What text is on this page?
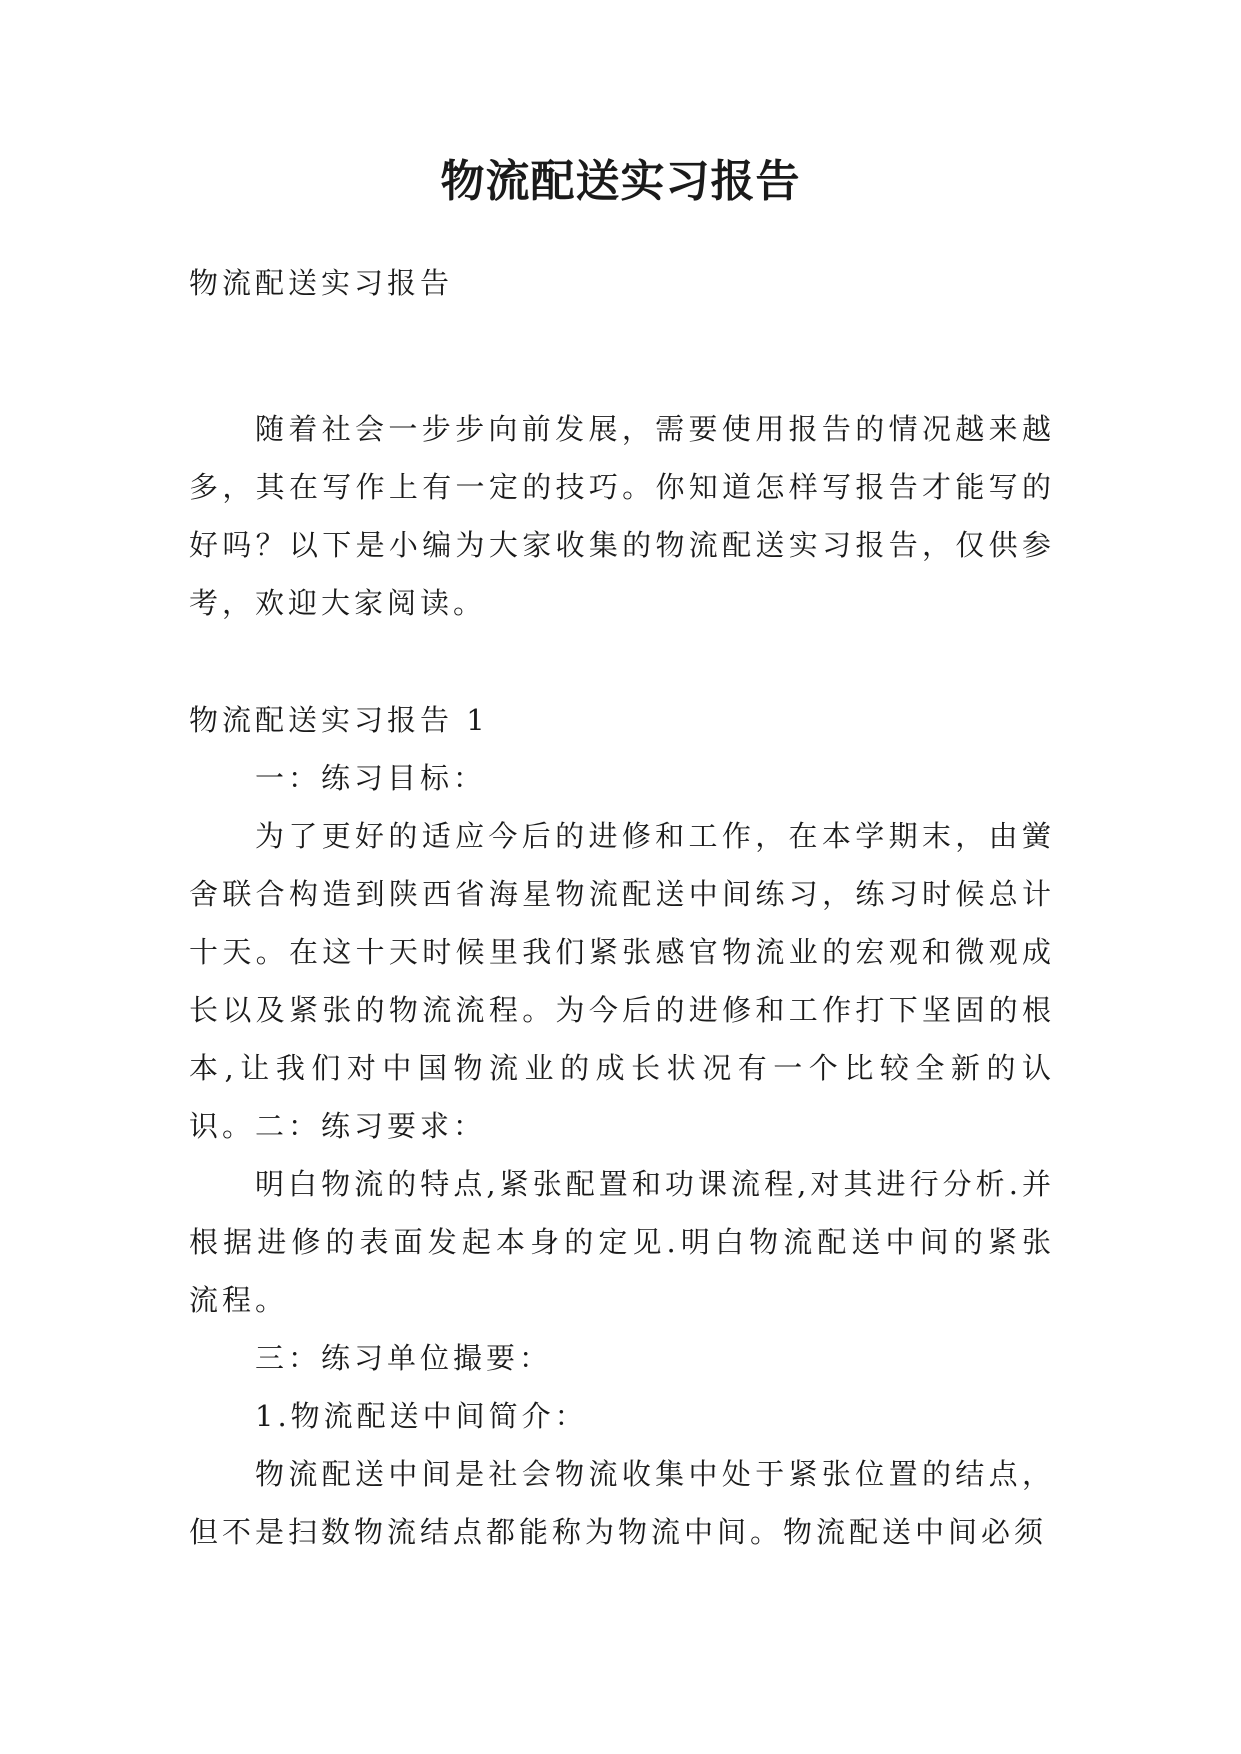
物流配送实习报告

物流配送实习报告

随着社会一步步向前发展，需要使用报告的情况越来越多，其在写作上有一定的技巧。你知道怎样写报告才能写的好吗？以下是小编为大家收集的物流配送实习报告，仅供参考，欢迎大家阅读。

物流配送实习报告 1

一：练习目标：

为了更好的适应今后的进修和工作，在本学期末，由黉舍联合构造到陕西省海星物流配送中间练习，练习时候总计十天。在这十天时候里我们紧张感官物流业的宏观和微观成长以及紧张的物流流程。为今后的进修和工作打下坚固的根本,让我们对中国物流业的成长状况有一个比较全新的认识。 二：练习要求：

明白物流的特点,紧张配置和功课流程,对其进行分析.并根据进修的表面发起本身的定见.明白物流配送中间的紧张流程。

三：练习单位撮要：

1.物流配送中间简介：

物流配送中间是社会物流收集中处于紧张位置的结点，但不是扫数物流结点都能称为物流中间。物流配送中间必须
